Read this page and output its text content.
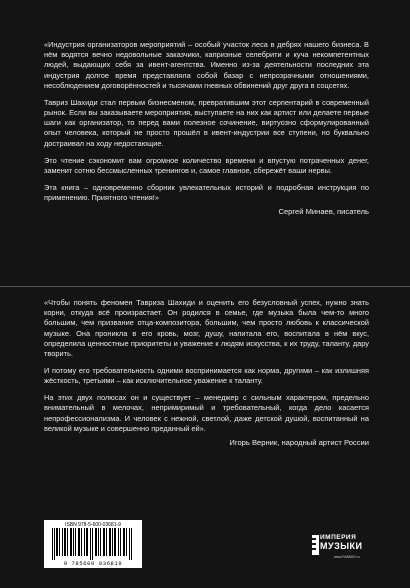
«Индустрия организаторов мероприятий – особый участок леса в дебрях нашего бизнеса. В нём водятся вечно недовольные заказчики, капризные селебрити и куча некомпетентных людей, выдающих себя за ивент-агентства. Именно из-за деятельности последних эта индустрия долгое время представляла собой базар с непрозрачными отношениями, несоблюдением договорённостей и тысячами гневных обвинений друг друга в соцсетях.

Тавриз Шахиди стал первым бизнесменом, превратившим этот серпентарий в современный рынок. Если вы заказываете мероприятия, выступаете на них как артист или делаете первые шаги как организатор, то перед вами полезное сочинение, виртуозно сформулированный опыт человека, который не просто прошёл в ивент-индустрии все ступени, но буквально достраивал на ходу недостающие.

Это чтение сэкономит вам огромное количество времени и впустую потраченных денег, заменит сотню бессмысленных тренингов и, самое главное, сбережёт ваши нервы.

Эта книга – одновременно сборник увлекательных историй и подробная инструкция по применению. Приятного чтения!»

Сергей Минаев, писатель

«Чтобы понять феномен Тавриза Шахиди и оценить его безусловный успех, нужно знать корни, откуда всё произрастает. Он родился в семье, где музыка была чем-то много большим, чем призвание отца-композитора, большим, чем просто любовь к классической музыке. Она проникла в его кровь, мозг, душу, напитала его, воспитала в нём вкус, определила ценностные приоритеты и уважение к людям искусства, к их труду, таланту, дару творить.

И потому его требовательность одними воспринимается как норма, другими – как излишняя жёсткость, третьими – как исключительное уважение к таланту.

На этих двух полюсах он и существует – менеджер с сильным характером, предельно внимательный в мелочах, непримиримый и требовательный, когда дело касается непрофессионализма. И человек с нежной, светлой, даже детской душой, воспитанный на великой музыке и совершенно преданный ей».

Игорь Верник, народный артист России
ISBN 978-5-600-03681-9
9 785600 036819
ИМПЕРИЯ
МУЗЫКИ
www.FABMIO.ru
